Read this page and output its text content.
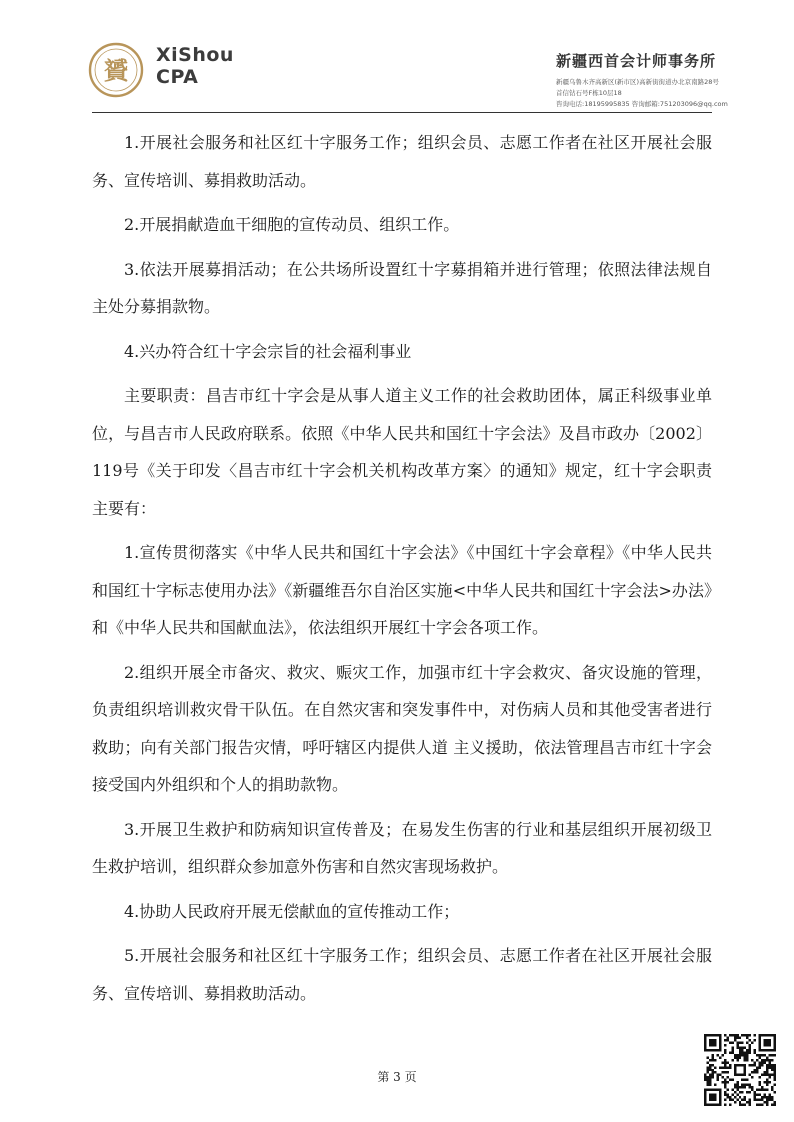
贇
XiShou
CPA
新疆西首会计师事务所
新疆乌鲁木齐高新区(新市区)高新街街道办北京南路28号
首信钻石号F栋10层18
咨询电话:18195995835 咨询邮箱:751203096@qq.com

1.开展社会服务和社区红十字服务工作；组织会员、志愿工作者在社区开展社会服务、宣传培训、募捐救助活动。

2.开展捐献造血干细胞的宣传动员、组织工作。

3.依法开展募捐活动；在公共场所设置红十字募捐箱并进行管理；依照法律法规自主处分募捐款物。

4.兴办符合红十字会宗旨的社会福利事业

主要职责：昌吉市红十字会是从事人道主义工作的社会救助团体，属正科级事业单位，与昌吉市人民政府联系。依照《中华人民共和国红十字会法》及昌市政办〔2002〕119号《关于印发〈昌吉市红十字会机关机构改革方案〉的通知》规定，红十字会职责主要有：

1.宣传贯彻落实《中华人民共和国红十字会法》《中国红十字会章程》《中华人民共和国红十字标志使用办法》《新疆维吾尔自治区实施<中华人民共和国红十字会法>办法》和《中华人民共和国献血法》，依法组织开展红十字会各项工作。

2.组织开展全市备灾、救灾、赈灾工作，加强市红十字会救灾、备灾设施的管理，负责组织培训救灾骨干队伍。在自然灾害和突发事件中，对伤病人员和其他受害者进行救助；向有关部门报告灾情，呼吁辖区内提供人道 主义援助，依法管理昌吉市红十字会接受国内外组织和个人的捐助款物。

3.开展卫生救护和防病知识宣传普及；在易发生伤害的行业和基层组织开展初级卫生救护培训，组织群众参加意外伤害和自然灾害现场救护。

4.协助人民政府开展无偿献血的宣传推动工作；

5.开展社会服务和社区红十字服务工作；组织会员、志愿工作者在社区开展社会服务、宣传培训、募捐救助活动。

第 3 页
